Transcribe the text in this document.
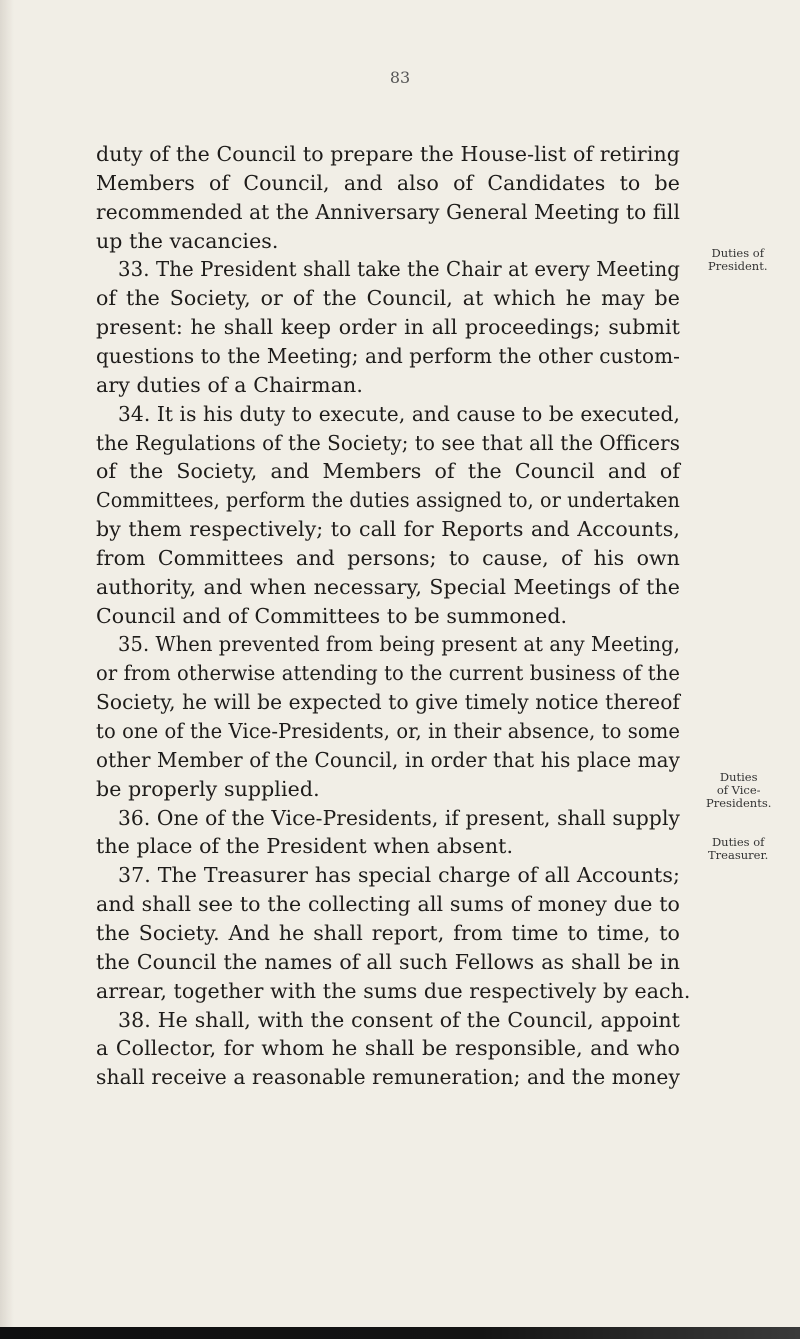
83
duty of the Council to prepare the House-list of retiring
Members of Council, and also of Candidates to be
recommended at the Anniversary General Meeting to fill
up the vacancies.
33. The President shall take the Chair at every Meeting
of the Society, or of the Council, at which he may be
present: he shall keep order in all proceedings; submit
questions to the Meeting; and perform the other custom-
ary duties of a Chairman.
34. It is his duty to execute, and cause to be executed,
the Regulations of the Society; to see that all the Officers
of the Society, and Members of the Council and of
Committees, perform the duties assigned to, or undertaken
by them respectively; to call for Reports and Accounts,
from Committees and persons; to cause, of his own
authority, and when necessary, Special Meetings of the
Council and of Committees to be summoned.
35. When prevented from being present at any Meeting,
or from otherwise attending to the current business of the
Society, he will be expected to give timely notice thereof
to one of the Vice-Presidents, or, in their absence, to some
other Member of the Council, in order that his place may
be properly supplied.
36. One of the Vice-Presidents, if present, shall supply
the place of the President when absent.
37. The Treasurer has special charge of all Accounts;
and shall see to the collecting all sums of money due to
the Society. And he shall report, from time to time, to
the Council the names of all such Fellows as shall be in
arrear, together with the sums due respectively by each.
38. He shall, with the consent of the Council, appoint
a Collector, for whom he shall be responsible, and who
shall receive a reasonable remuneration; and the money
Duties of
President.
Duties
of Vice-
Presidents.
Duties of
Treasurer.
